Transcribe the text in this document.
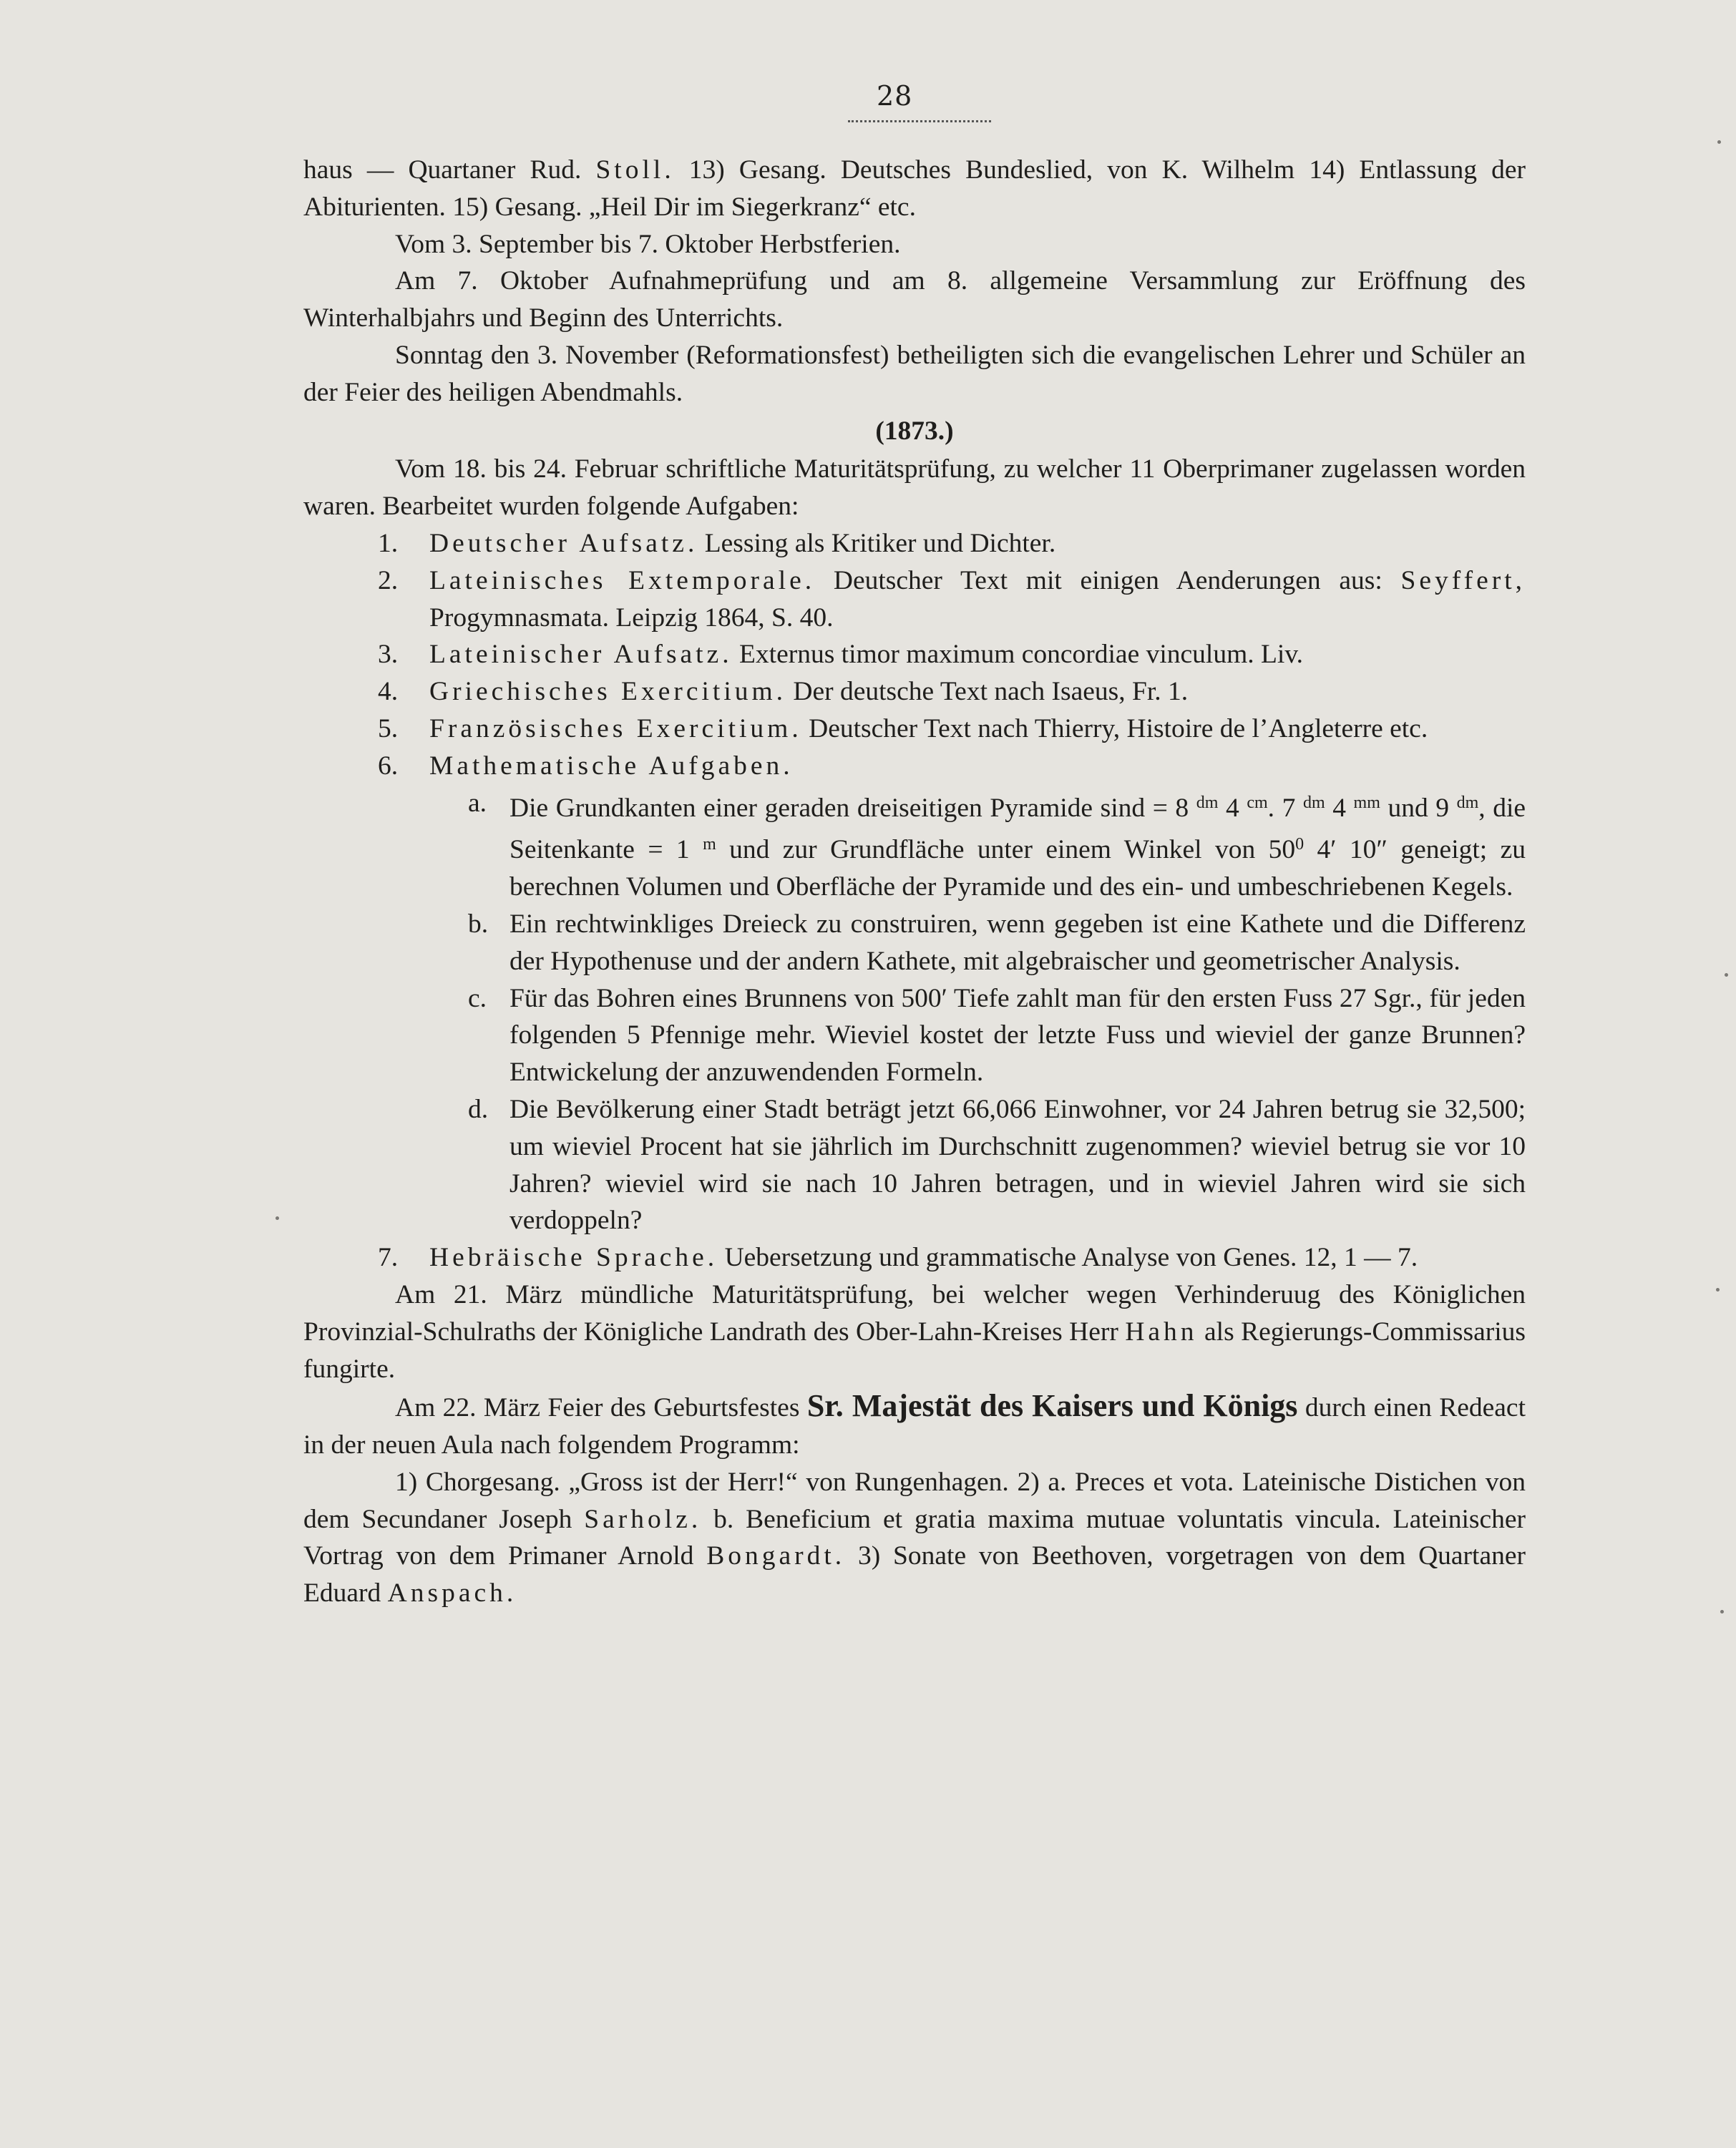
28

haus — Quartaner Rud. Stoll. 13) Gesang. Deutsches Bundeslied, von K. Wilhelm 14) Entlassung der Abiturienten. 15) Gesang. „Heil Dir im Siegerkranz“ etc.

Vom 3. September bis 7. Oktober Herbstferien.

Am 7. Oktober Aufnahmeprüfung und am 8. allgemeine Versammlung zur Eröffnung des Winterhalbjahrs und Beginn des Unterrichts.

Sonntag den 3. November (Reformationsfest) betheiligten sich die evangelischen Lehrer und Schüler an der Feier des heiligen Abendmahls.

(1873.)

Vom 18. bis 24. Februar schriftliche Maturitätsprüfung, zu welcher 11 Oberprimaner zugelassen worden waren. Bearbeitet wurden folgende Aufgaben:

1. Deutscher Aufsatz. Lessing als Kritiker und Dichter.
2. Lateinisches Extemporale. Deutscher Text mit einigen Aenderungen aus: Seyffert, Progymnasmata. Leipzig 1864, S. 40.
3. Lateinischer Aufsatz. Externus timor maximum concordiae vinculum. Liv.
4. Griechisches Exercitium. Der deutsche Text nach Isaeus, Fr. 1.
5. Französisches Exercitium. Deutscher Text nach Thierry, Histoire de l’Angleterre etc.
6. Mathematische Aufgaben.
a. Die Grundkanten einer geraden dreiseitigen Pyramide sind = 8 $^{dm}$ 4 $^{cm}$. 7 $^{dm}$ 4 $^{mm}$ und 9 $^{dm}$, die Seitenkante = 1 $^m$ und zur Grundfläche unter einem Winkel von $50^0$ 4′ 10″ geneigt; zu berechnen Volumen und Oberfläche der Pyramide und des ein- und umbeschriebenen Kegels.
b. Ein rechtwinkliges Dreieck zu construiren, wenn gegeben ist eine Kathete und die Differenz der Hypothenuse und der andern Kathete, mit algebraischer und geometrischer Analysis.
c. Für das Bohren eines Brunnens von 500′ Tiefe zahlt man für den ersten Fuss 27 Sgr., für jeden folgenden 5 Pfennige mehr. Wieviel kostet der letzte Fuss und wieviel der ganze Brunnen? Entwickelung der anzuwendenden Formeln.
d. Die Bevölkerung einer Stadt beträgt jetzt 66,066 Einwohner, vor 24 Jahren betrug sie 32,500; um wieviel Procent hat sie jährlich im Durchschnitt zugenommen? wieviel betrug sie vor 10 Jahren? wieviel wird sie nach 10 Jahren betragen, und in wieviel Jahren wird sie sich verdoppeln?
7. Hebräische Sprache. Uebersetzung und grammatische Analyse von Genes. 12, 1 — 7.

Am 21. März mündliche Maturitätsprüfung, bei welcher wegen Verhinderuug des Königlichen Provinzial-Schulraths der Königliche Landrath des Ober-Lahn-Kreises Herr Hahn als Regierungs-Commissarius fungirte.

Am 22. März Feier des Geburtsfestes Sr. Majestät des Kaisers und Königs durch einen Redeact in der neuen Aula nach folgendem Programm:

1) Chorgesang. „Gross ist der Herr!“ von Rungenhagen. 2) a. Preces et vota. Lateinische Distichen von dem Secundaner Joseph Sarholz. b. Beneficium et gratia maxima mutuae voluntatis vincula. Lateinischer Vortrag von dem Primaner Arnold Bongardt. 3) Sonate von Beethoven, vorgetragen von dem Quartaner Eduard Anspach.
